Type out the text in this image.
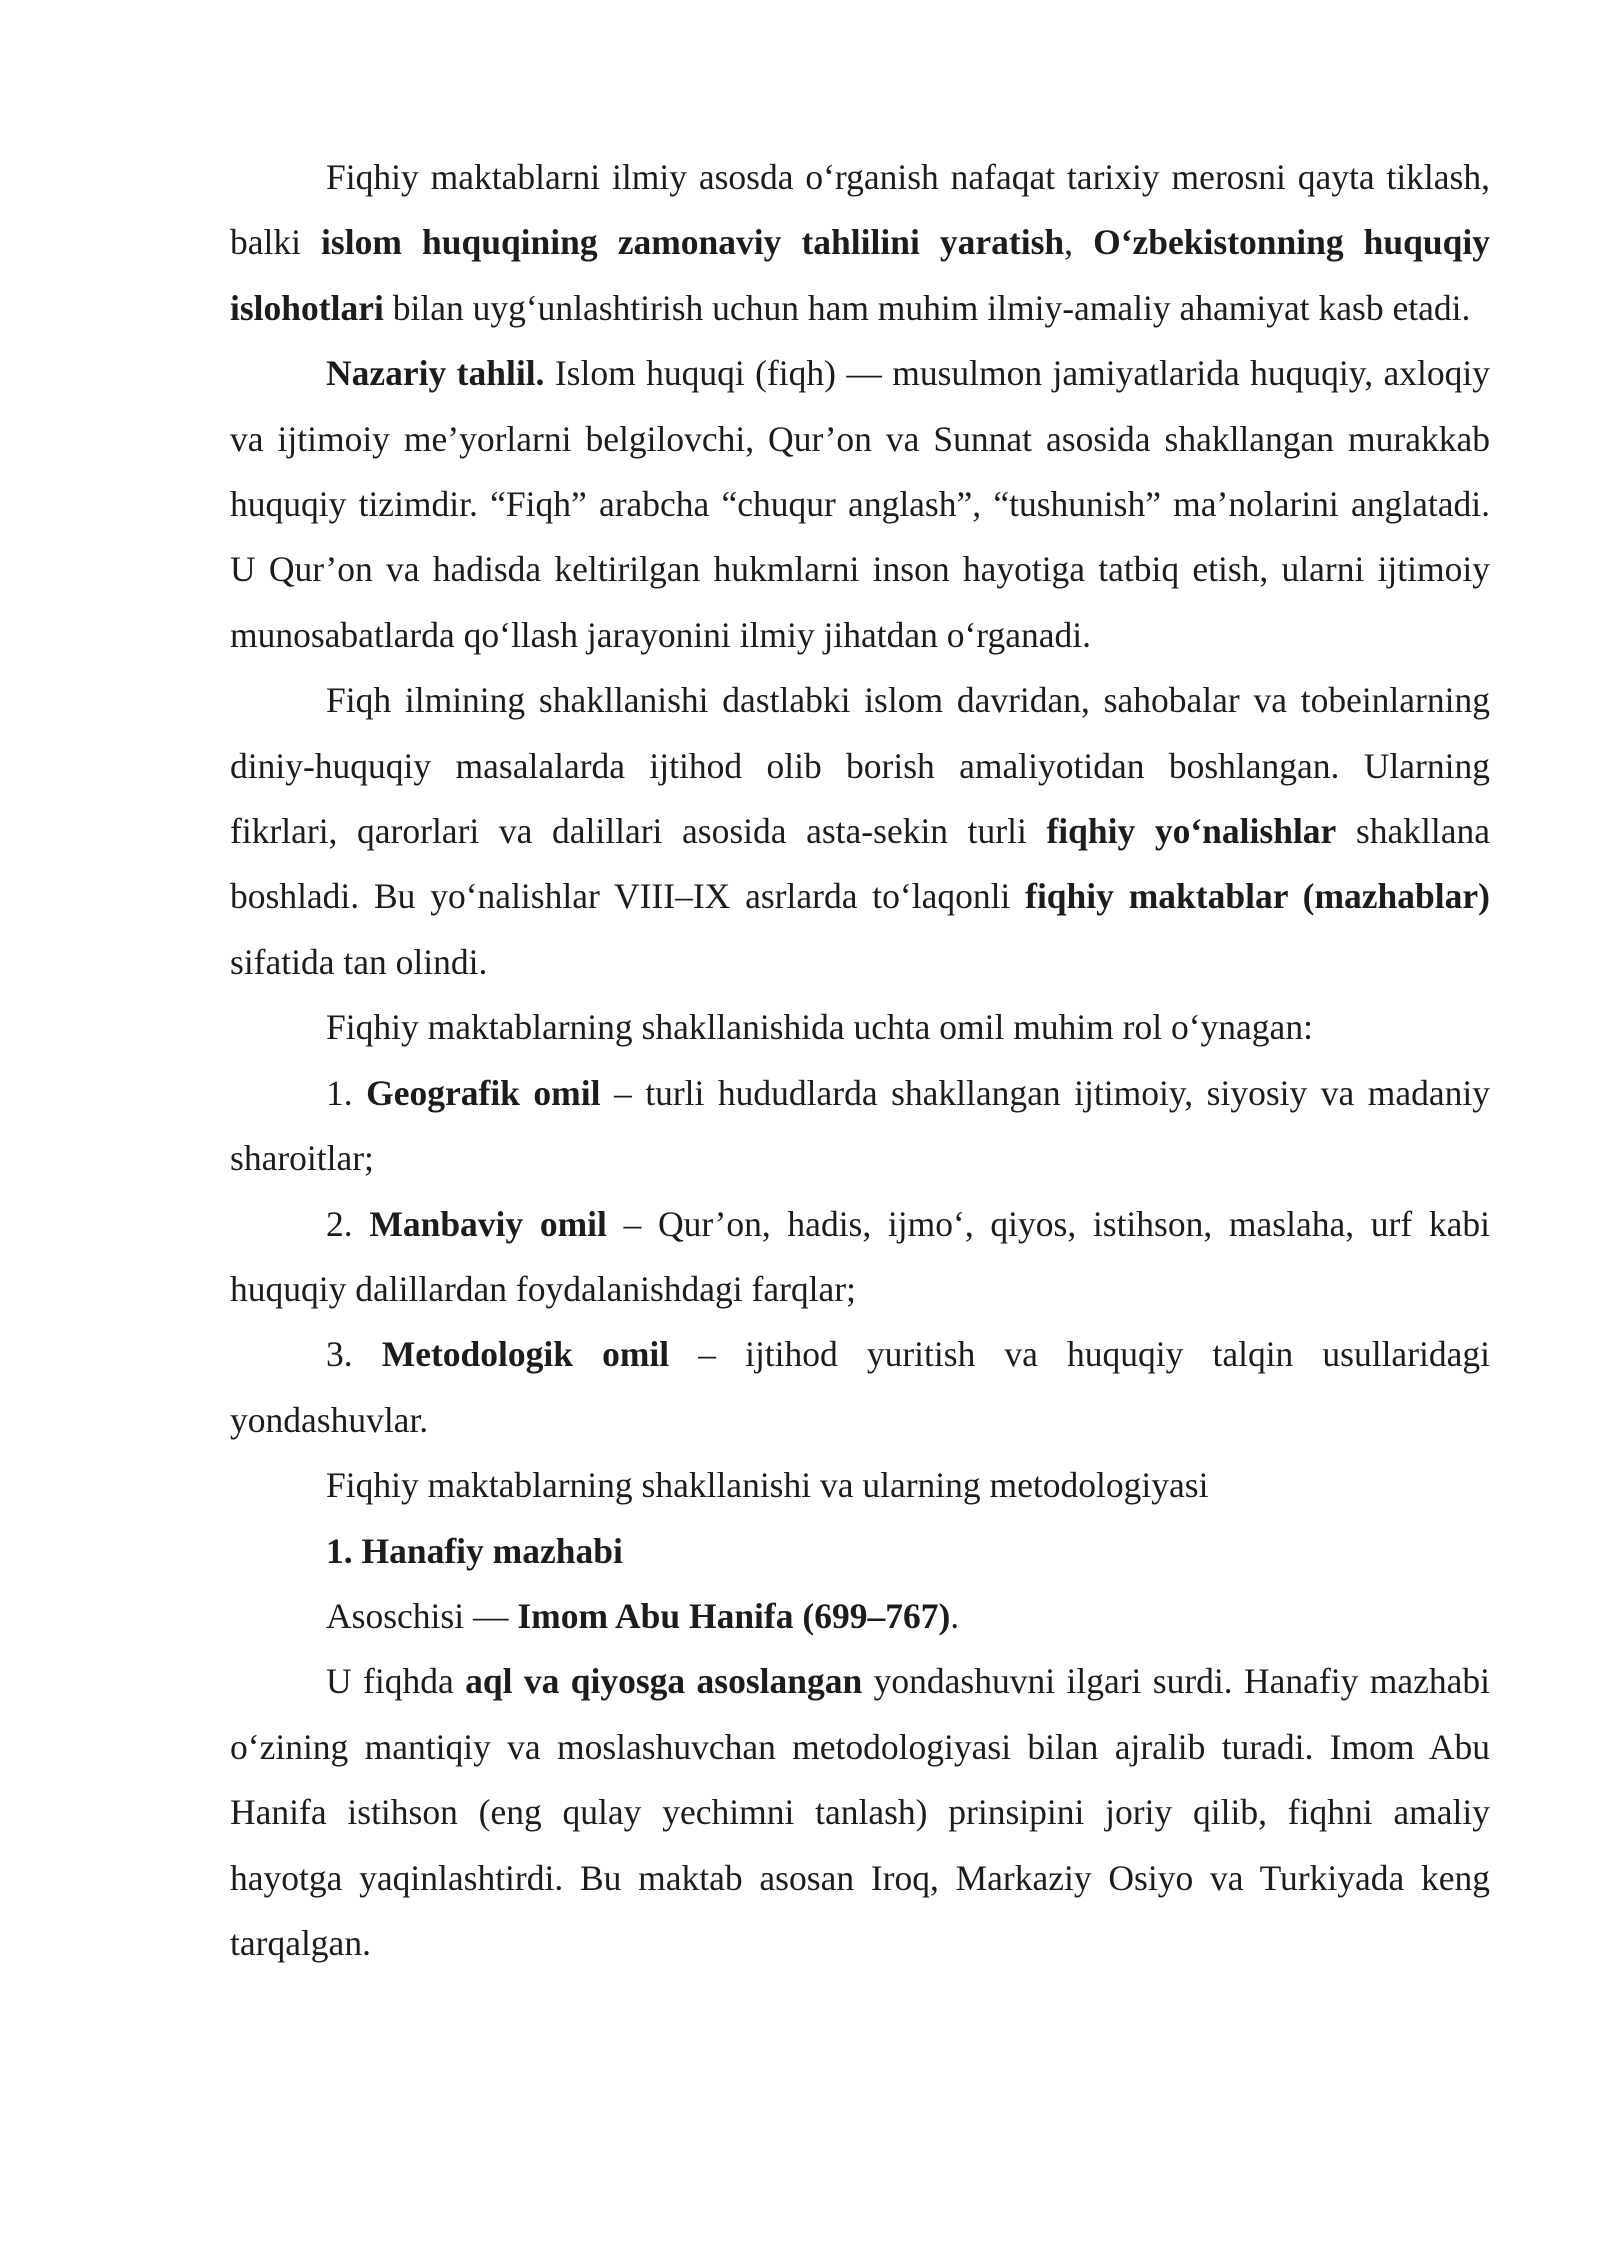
Fiqhiy maktablarni ilmiy asosda o‘rganish nafaqat tarixiy merosni qayta tiklash, balki islom huquqining zamonaviy tahlilini yaratish, O‘zbekistonning huquqiy islohotlari bilan uyg‘unlashtirish uchun ham muhim ilmiy-amaliy ahamiyat kasb etadi.

Nazariy tahlil. Islom huquqi (fiqh) — musulmon jamiyatlarida huquqiy, axloqiy va ijtimoiy me’yorlarni belgilovchi, Qur’on va Sunnat asosida shakllangan murakkab huquqiy tizimdir. “Fiqh” arabcha “chuqur anglash”, “tushunish” ma’nolarini anglatadi. U Qur’on va hadisda keltirilgan hukmlarni inson hayotiga tatbiq etish, ularni ijtimoiy munosabatlarda qo‘llash jarayonini ilmiy jihatdan o‘rganadi.

Fiqh ilmining shakllanishi dastlabki islom davridan, sahobalar va tobeinlarning diniy-huquqiy masalalarda ijtihod olib borish amaliyotidan boshlangan. Ularning fikrlari, qarorlari va dalillari asosida asta-sekin turli fiqhiy yo‘nalishlar shakllana boshladi. Bu yo‘nalishlar VIII–IX asrlarda to‘laqonli fiqhiy maktablar (mazhablar) sifatida tan olindi.

Fiqhiy maktablarning shakllanishida uchta omil muhim rol o‘ynagan:

1. Geografik omil – turli hududlarda shakllangan ijtimoiy, siyosiy va madaniy sharoitlar;

2. Manbaviy omil – Qur’on, hadis, ijmo‘, qiyos, istihson, maslaha, urf kabi huquqiy dalillardan foydalanishdagi farqlar;

3. Metodologik omil – ijtihod yuritish va huquqiy talqin usullaridagi yondashuvlar.

Fiqhiy maktablarning shakllanishi va ularning metodologiyasi

1. Hanafiy mazhabi

Asoschisi — Imom Abu Hanifa (699–767).

U fiqhda aql va qiyosga asoslangan yondashuvni ilgari surdi. Hanafiy mazhabi o‘zining mantiqiy va moslashuvchan metodologiyasi bilan ajralib turadi. Imom Abu Hanifa istihson (eng qulay yechimni tanlash) prinsipini joriy qilib, fiqhni amaliy hayotga yaqinlashtirdi. Bu maktab asosan Iroq, Markaziy Osiyo va Turkiyada keng tarqalgan.
